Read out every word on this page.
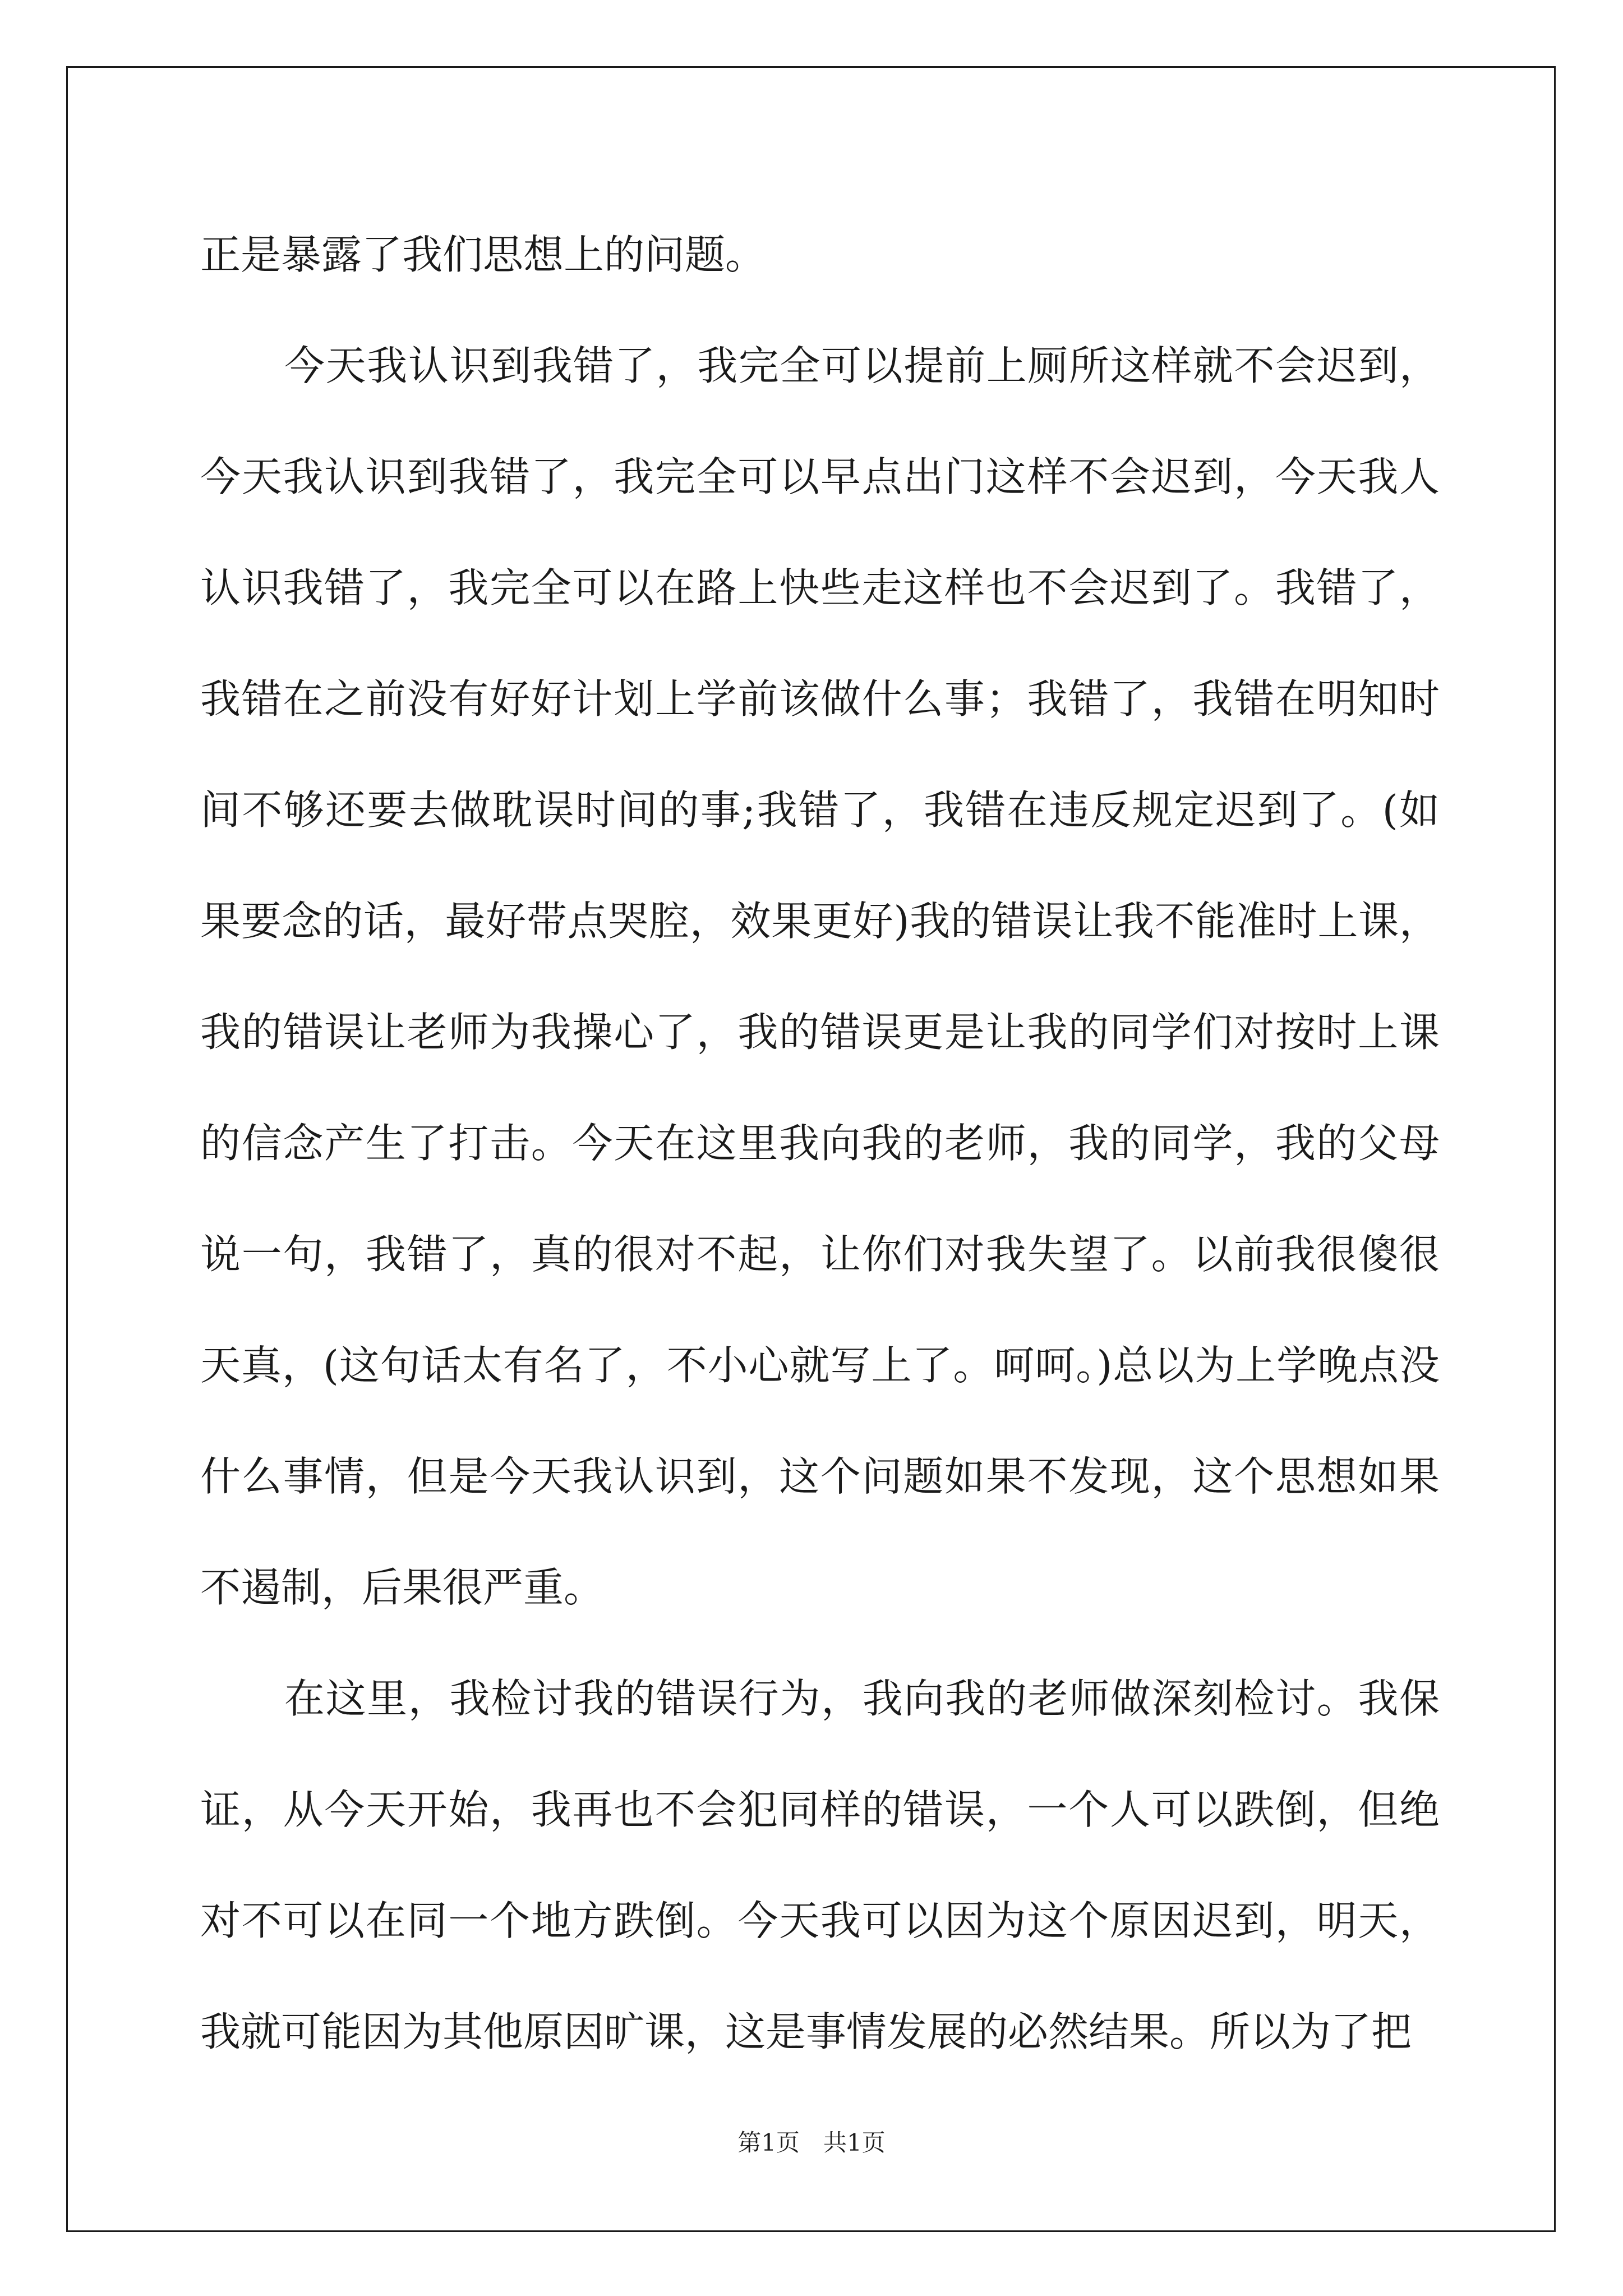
正是暴露了我们思想上的问题。

今天我认识到我错了，我完全可以提前上厕所这样就不会迟到，今天我认识到我错了，我完全可以早点出门这样不会迟到，今天我人认识我错了，我完全可以在路上快些走这样也不会迟到了。我错了，我错在之前没有好好计划上学前该做什么事；我错了，我错在明知时间不够还要去做耽误时间的事;我错了，我错在违反规定迟到了。(如果要念的话，最好带点哭腔，效果更好)我的错误让我不能准时上课，我的错误让老师为我操心了，我的错误更是让我的同学们对按时上课的信念产生了打击。今天在这里我向我的老师，我的同学，我的父母说一句，我错了，真的很对不起，让你们对我失望了。以前我很傻很天真，(这句话太有名了，不小心就写上了。呵呵。)总以为上学晚点没什么事情，但是今天我认识到，这个问题如果不发现，这个思想如果不遏制，后果很严重。

在这里，我检讨我的错误行为，我向我的老师做深刻检讨。我保证，从今天开始，我再也不会犯同样的错误，一个人可以跌倒，但绝对不可以在同一个地方跌倒。今天我可以因为这个原因迟到，明天，我就可能因为其他原因旷课，这是事情发展的必然结果。所以为了把

第1页　共1页
